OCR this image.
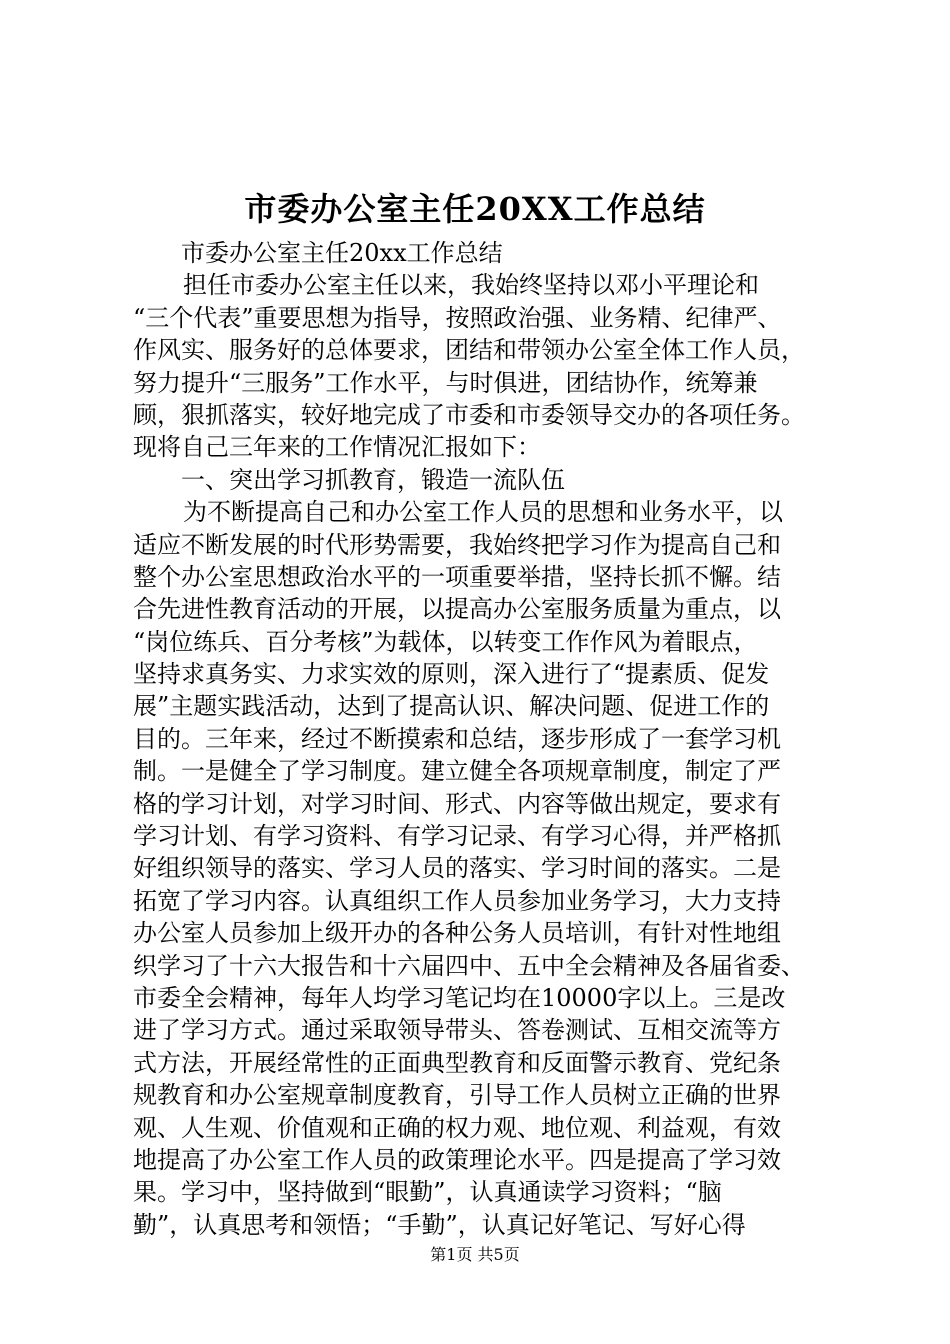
市委办公室主任20XX工作总结
市委办公室主任20xx工作总结
担任市委办公室主任以来，我始终坚持以邓小平理论和
“三个代表”重要思想为指导，按照政治强、业务精、纪律严、
作风实、服务好的总体要求，团结和带领办公室全体工作人员，
努力提升“三服务”工作水平，与时俱进，团结协作，统筹兼
顾，狠抓落实，较好地完成了市委和市委领导交办的各项任务。
现将自己三年来的工作情况汇报如下：
一、突出学习抓教育，锻造一流队伍
为不断提高自己和办公室工作人员的思想和业务水平，以
适应不断发展的时代形势需要，我始终把学习作为提高自己和
整个办公室思想政治水平的一项重要举措，坚持长抓不懈。结
合先进性教育活动的开展，以提高办公室服务质量为重点，以
“岗位练兵、百分考核”为载体，以转变工作作风为着眼点，
坚持求真务实、力求实效的原则，深入进行了“提素质、促发
展”主题实践活动，达到了提高认识、解决问题、促进工作的
目的。三年来，经过不断摸索和总结，逐步形成了一套学习机
制。一是健全了学习制度。建立健全各项规章制度，制定了严
格的学习计划，对学习时间、形式、内容等做出规定，要求有
学习计划、有学习资料、有学习记录、有学习心得，并严格抓
好组织领导的落实、学习人员的落实、学习时间的落实。二是
拓宽了学习内容。认真组织工作人员参加业务学习，大力支持
办公室人员参加上级开办的各种公务人员培训，有针对性地组
织学习了十六大报告和十六届四中、五中全会精神及各届省委、
市委全会精神，每年人均学习笔记均在10000字以上。三是改
进了学习方式。通过采取领导带头、答卷测试、互相交流等方
式方法，开展经常性的正面典型教育和反面警示教育、党纪条
规教育和办公室规章制度教育，引导工作人员树立正确的世界
观、人生观、价值观和正确的权力观、地位观、利益观，有效
地提高了办公室工作人员的政策理论水平。四是提高了学习效
果。学习中，坚持做到“眼勤”，认真通读学习资料；“脑
勤”，认真思考和领悟；“手勤”，认真记好笔记、写好心得
第1页 共5页
